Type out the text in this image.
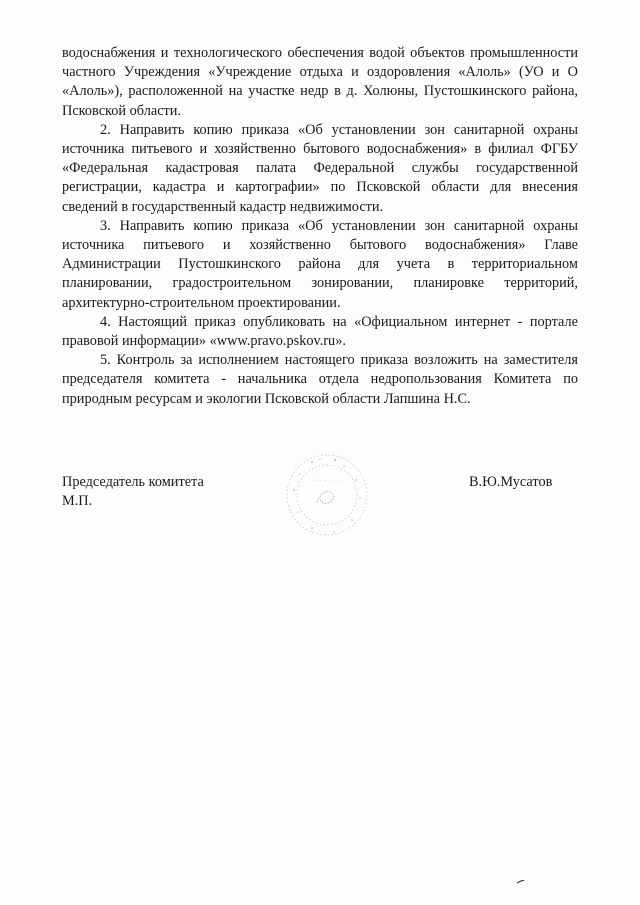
водоснабжения и технологического обеспечения водой объектов промышленности частного Учреждения «Учреждение отдыха и оздоровления «Алоль» (УО и О «Алоль»), расположенной на участке недр в д. Холюны, Пустошкинского района, Псковской области.

2. Направить копию приказа «Об установлении зон санитарной охраны источника питьевого и хозяйственно бытового водоснабжения» в филиал ФГБУ «Федеральная кадастровая палата Федеральной службы государственной регистрации, кадастра и картографии» по Псковской области для внесения сведений в государственный кадастр недвижимости.

3. Направить копию приказа «Об установлении зон санитарной охраны источника питьевого и хозяйственно бытового водоснабжения» Главе Администрации Пустошкинского района для учета в территориальном планировании, градостроительном зонировании, планировке территорий, архитектурно-строительном проектировании.

4. Настоящий приказ опубликовать на «Официальном интернет - портале правовой информации» «www.pravo.pskov.ru».

5. Контроль за исполнением настоящего приказа возложить на заместителя председателя комитета - начальника отдела недропользования Комитета по природным ресурсам и экологии Псковской области Лапшина Н.С.

Председатель комитета
М.П.
В.Ю.Мусатов
